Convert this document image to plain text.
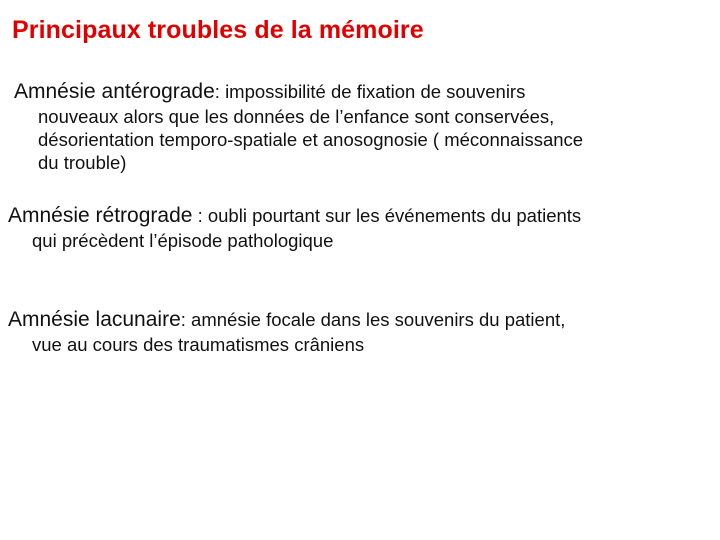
Principaux troubles de la mémoire

Amnésie antérograde: impossibilité de fixation de souvenirs
nouveaux alors que les données de l’enfance sont conservées,
désorientation temporo-spatiale et anosognosie ( méconnaissance
du trouble)

Amnésie rétrograde : oubli pourtant sur les événements du patients
qui précèdent l’épisode pathologique

Amnésie lacunaire: amnésie focale dans les souvenirs du patient,
vue au cours des traumatismes crâniens
